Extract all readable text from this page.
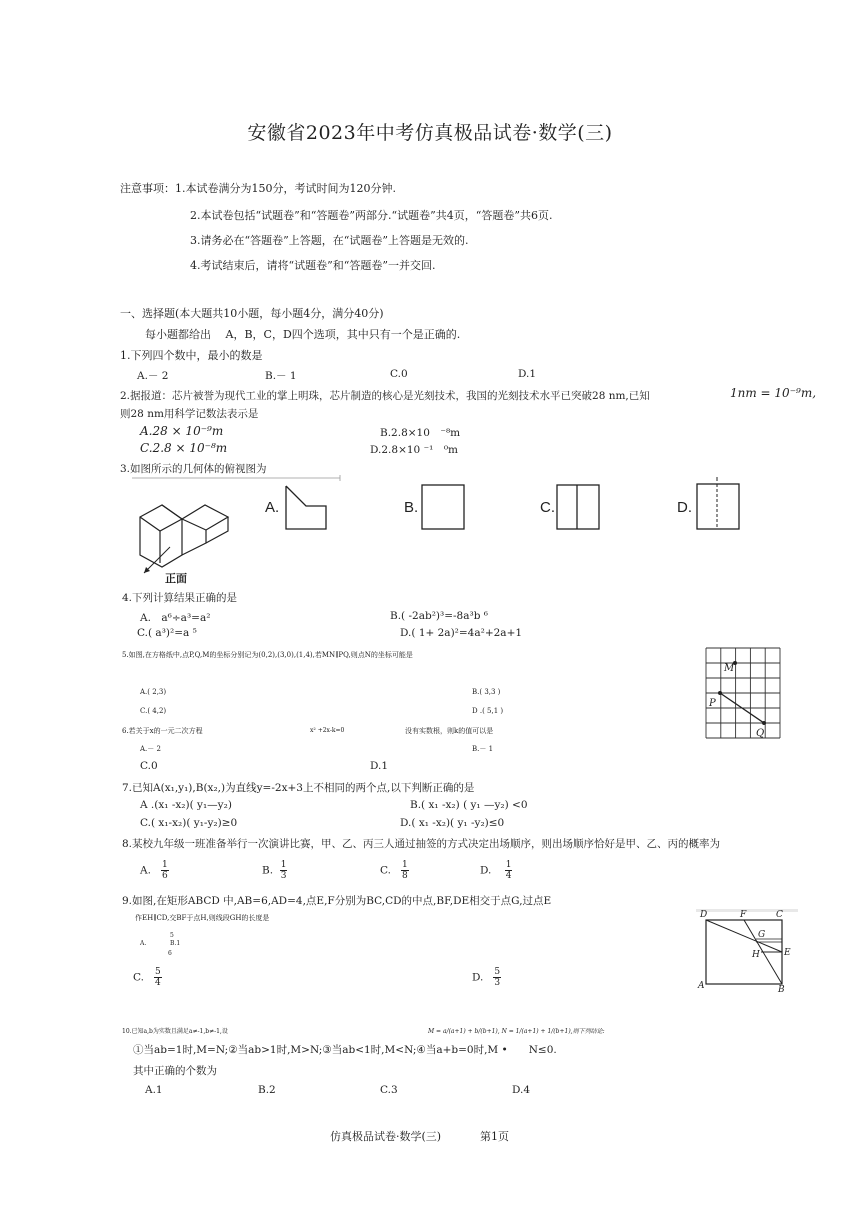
安徽省2023年中考仿真极品试卷·数学(三)
注意事项：1.本试卷满分为150分，考试时间为120分钟.
2.本试卷包括“试题卷”和“答题卷”两部分.“试题卷”共4页，“答题卷”共6页.
3.请务必在“答题卷”上答题，在“试题卷”上答题是无效的.
4.考试结束后，请将“试题卷”和“答题卷”一并交回.
一、选择题(本大题共10小题，每小题4分，满分40分)
每小题都给出　 A，B，C，D四个选项，其中只有一个是正确的.
1.下列四个数中，最小的数是
A.－ 2	B.－ 1	C.0	D.1
2.据报道：芯片被誉为现代工业的掌上明珠，芯片制造的核心是光刻技术，我国的光刻技术水平已突破28 nm,已知	1nm = 10⁻⁹m,
则28 nm用科学记数法表示是
A.28 × 10⁻⁹m	B.2.8×10　⁻⁸m
C.2.8 × 10⁻⁸m	D.2.8×10 ⁻¹　⁰m
3.如图所示的几何体的俯视图为
正面
A.	B.	C.	D.
4.下列计算结果正确的是
A.　a⁶÷a³=a²	B.( -2ab²)³=-8a³b ⁶
C.( a³)²=a ⁵	D.( 1+ 2a)²=4a²+2a+1
5.如图,在方格纸中,点P,Q,M的坐标分别记为(0,2),(3,0),(1,4),若MN∥PQ,则点N的坐标可能是
A.( 2,3)	B.( 3,3 )
C.( 4,2)	D .( 5,1 )
M
P
Q
6.若关于x的一元二次方程	x² +2x-k=0	没有实数根，则k的值可以是
A.－ 2	B.－ 1
C.0	D.1
7.已知A(x₁,y₁),B(x₂,)为直线y=-2x+3上不相同的两个点,以下判断正确的是
A .(x₁ -x₂)( y₁—y₂)	B.( x₁ -x₂) ( y₁ —y₂) <0
C.( x₁-x₂)( y₁-y₂)≥0	D.( x₁ -x₂)( y₁ -y₂)≤0
8.某校九年级一班准备举行一次演讲比赛，甲、乙、丙三人通过抽签的方式决定出场顺序，则出场顺序恰好是甲、乙、丙的概率为
A. $\frac{1}{6}$	B. $\frac{1}{3}$	C. $\frac{1}{8}$	D. $\frac{1}{4}$
9.如图,在矩形ABCD 中,AB=6,AD=4,点E,F分别为BC,CD的中点,BF,DE相交于点G,过点E
作EH∥CD,交BF于点H,则线段GH的长度是
A.
5
B.1
6
C. $\frac{5}{4}$	D. $\frac{5}{3}$
D	F	C
G
H	E
A	B
10.已知a,b为实数且满足a≠-1,b≠-1,设	M = a/(a+1) + b/(b+1), N = 1/(a+1) + 1/(b+1),则下列结论:
①当ab=1时,M=N;②当ab>1时,M>N;③当ab<1时,M<N;④当a+b=0时,M •　　N≤0.
其中正确的个数为
A.1	B.2	C.3	D.4
仿真极品试卷·数学(三)	第1页
